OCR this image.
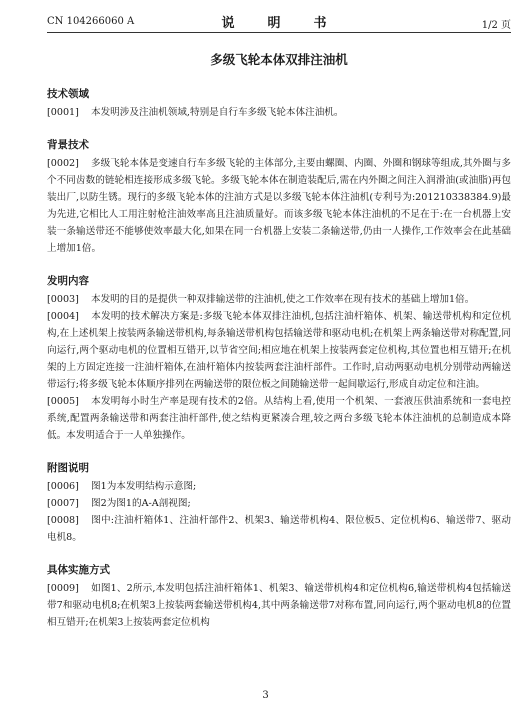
CN 104266060 A	说　明　书	1/2 页
多级飞轮本体双排注油机
技术领域

[0001] 本发明涉及注油机领域,特别是自行车多级飞轮本体注油机。

背景技术

[0002] 多级飞轮本体是变速自行车多级飞轮的主体部分,主要由螺圈、内圈、外圈和钢球等组成,其外圈与多个不同齿数的链轮相连接形成多级飞轮。多级飞轮本体在制造装配后,需在内外圈之间注入润滑油(或油脂)再包装出厂,以防生锈。现行的多级飞轮本体的注油方式是以多级飞轮本体注油机(专利号为:201210338384.9)最为先进,它相比人工用注射枪注油效率高且注油质量好。而该多级飞轮本体注油机的不足在于:在一台机器上安装一条输送带还不能够使效率最大化,如果在同一台机器上安装二条输送带,仍由一人操作,工作效率会在此基础上增加1倍。

发明内容

[0003] 本发明的目的是提供一种双排输送带的注油机,使之工作效率在现有技术的基础上增加1倍。

[0004] 本发明的技术解决方案是:多级飞轮本体双排注油机,包括注油杆箱体、机架、输送带机构和定位机构,在上述机架上按装两条输送带机构,每条输送带机构包括输送带和驱动电机;在机架上两条输送带对称配置,同向运行,两个驱动电机的位置相互错开,以节省空间;相应地在机架上按装两套定位机构,其位置也相互错开;在机架的上方固定连接一注油杆箱体,在油杆箱体内按装两套注油杆部件。工作时,启动两驱动电机分别带动两输送带运行;将多级飞轮本体顺序排列在两输送带的限位板之间随输送带一起间歇运行,形成自动定位和注油。

[0005] 本发明每小时生产率是现有技术的2倍。从结构上看,使用一个机架、一套液压供油系统和一套电控系统,配置两条输送带和两套注油杆部件,使之结构更紧凑合理,较之两台多级飞轮本体注油机的总制造成本降低。本发明适合于一人单独操作。

附图说明

[0006] 图1为本发明结构示意图;

[0007] 图2为图1的A-A剖视图;

[0008] 图中:注油杆箱体1、注油杆部件2、机架3、输送带机构4、限位板5、定位机构6、输送带7、驱动电机8。

具体实施方式

[0009] 如图1、2所示,本发明包括注油杆箱体1、机架3、输送带机构4和定位机构6,输送带机构4包括输送带7和驱动电机8;在机架3上按装两套输送带机构4,其中两条输送带7对称布置,同向运行,两个驱动电机8的位置相互错开;在机架3上按装两套定位机构

3
